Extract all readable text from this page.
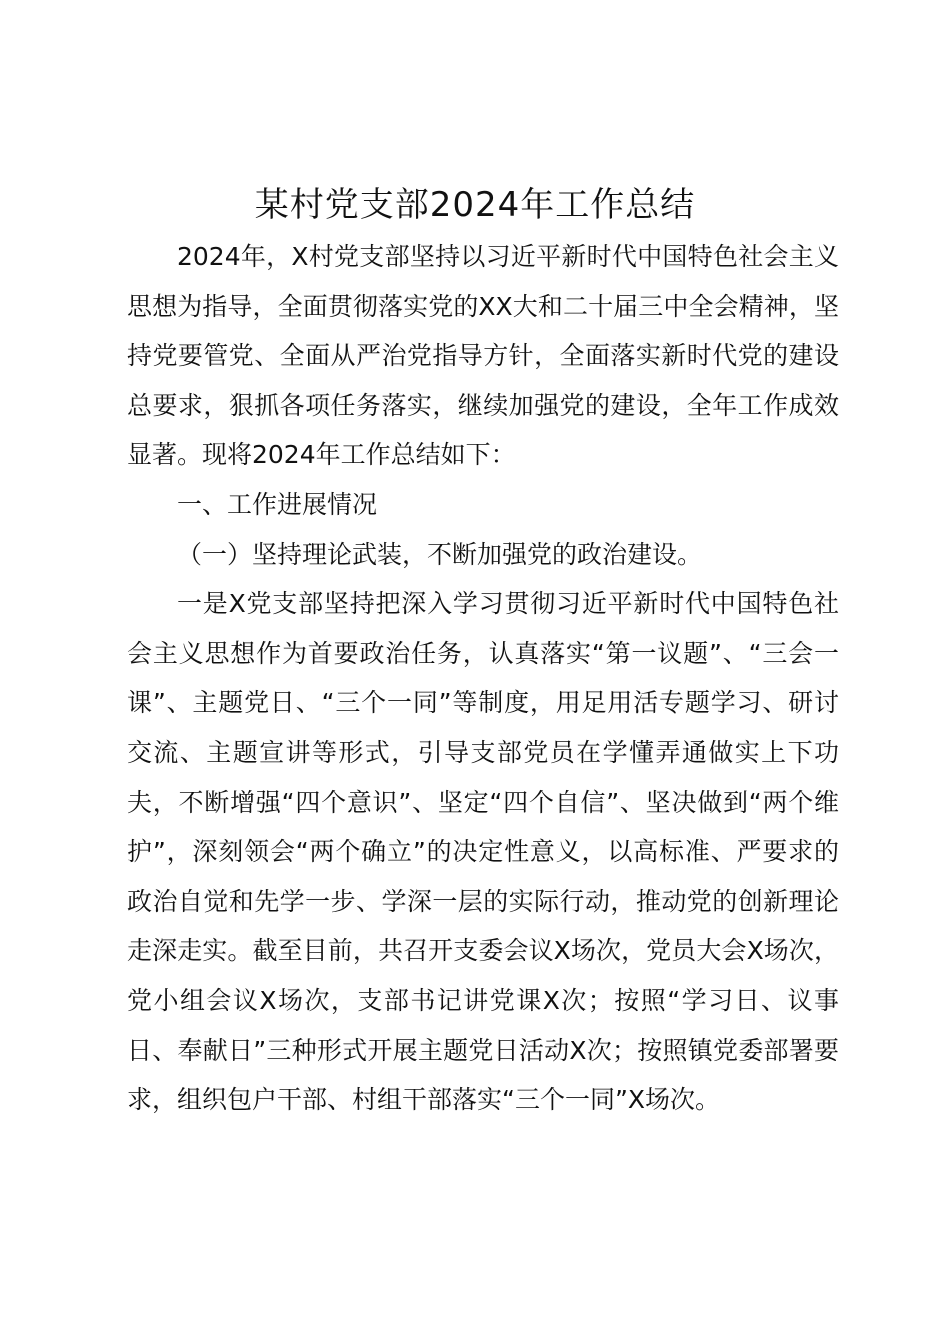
某村党支部2024年工作总结

2024年，X村党支部坚持以习近平新时代中国特色社会主义思想为指导，全面贯彻落实党的XX大和二十届三中全会精神，坚持党要管党、全面从严治党指导方针，全面落实新时代党的建设总要求，狠抓各项任务落实，继续加强党的建设，全年工作成效显著。现将2024年工作总结如下：

一、工作进展情况

（一）坚持理论武装，不断加强党的政治建设。

一是X党支部坚持把深入学习贯彻习近平新时代中国特色社会主义思想作为首要政治任务，认真落实“第一议题”、“三会一课”、主题党日、“三个一同”等制度，用足用活专题学习、研讨交流、主题宣讲等形式，引导支部党员在学懂弄通做实上下功夫，不断增强“四个意识”、坚定“四个自信”、坚决做到“两个维护”，深刻领会“两个确立”的决定性意义，以高标准、严要求的政治自觉和先学一步、学深一层的实际行动，推动党的创新理论走深走实。截至目前，共召开支委会议X场次，党员大会X场次，党小组会议X场次，支部书记讲党课X次；按照“学习日、议事日、奉献日”三种形式开展主题党日活动X次；按照镇党委部署要求，组织包户干部、村组干部落实“三个一同”X场次。
